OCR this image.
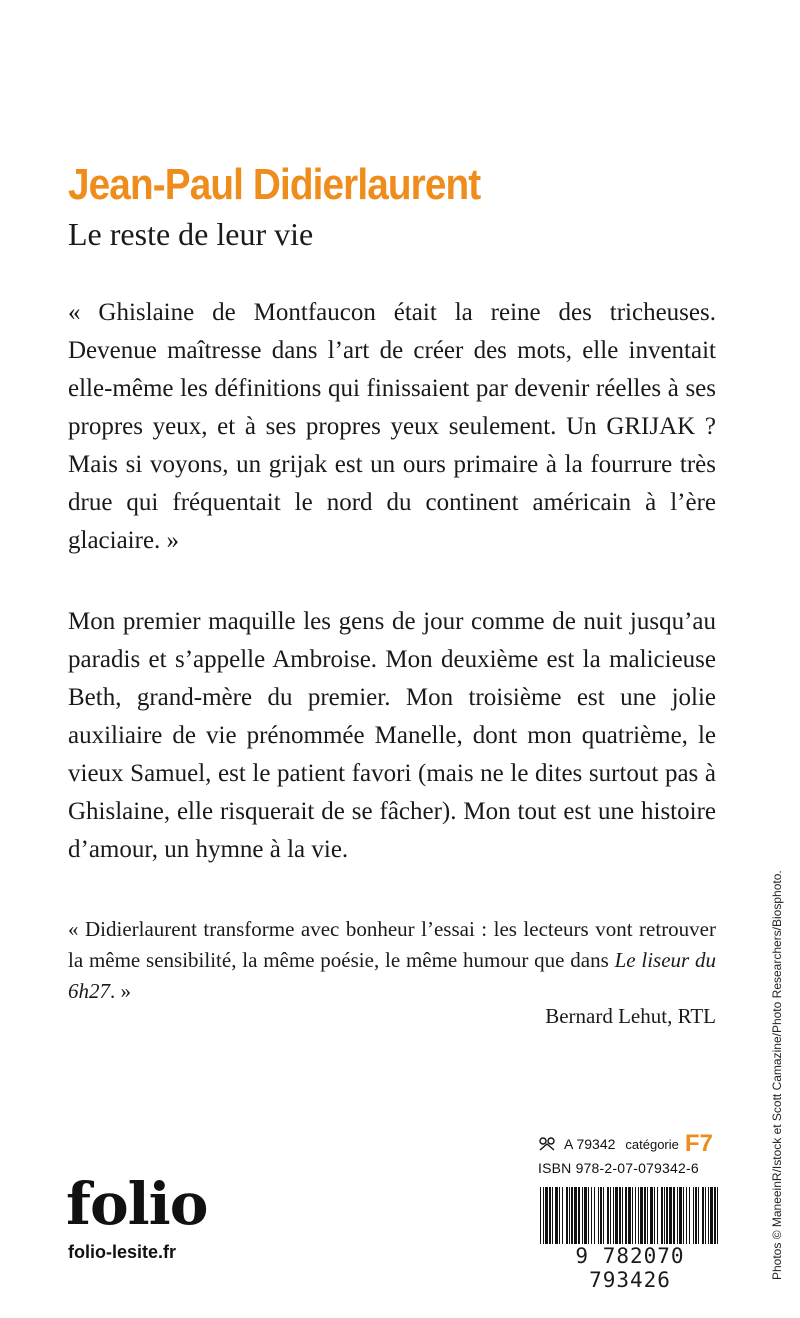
Jean-Paul Didierlaurent
Le reste de leur vie

« Ghislaine de Montfaucon était la reine des tricheuses. Devenue maîtresse dans l’art de créer des mots, elle inventait elle-même les définitions qui finissaient par devenir réelles à ses propres yeux, et à ses propres yeux seulement. Un GRIJAK ? Mais si voyons, un grijak est un ours primaire à la fourrure très drue qui fréquentait le nord du continent américain à l’ère glaciaire. »

Mon premier maquille les gens de jour comme de nuit jusqu’au paradis et s’appelle Ambroise. Mon deuxième est la malicieuse Beth, grand-mère du premier. Mon troisième est une jolie auxiliaire de vie prénommée Manelle, dont mon quatrième, le vieux Samuel, est le patient favori (mais ne le dites surtout pas à Ghislaine, elle risquerait de se fâcher). Mon tout est une histoire d’amour, un hymne à la vie.

« Didierlaurent transforme avec bonheur l’essai : les lecteurs vont retrouver la même sensibilité, la même poésie, le même humour que dans Le liseur du 6h27. »

Bernard Lehut, RTL

folio
folio-lesite.fr
A 79342 catégorie F7
ISBN 978-2-07-079342-6
9 782070 793426	Photos © ManeeinR/Istock et Scott Camazine/Photo Researchers/Biosphoto.
